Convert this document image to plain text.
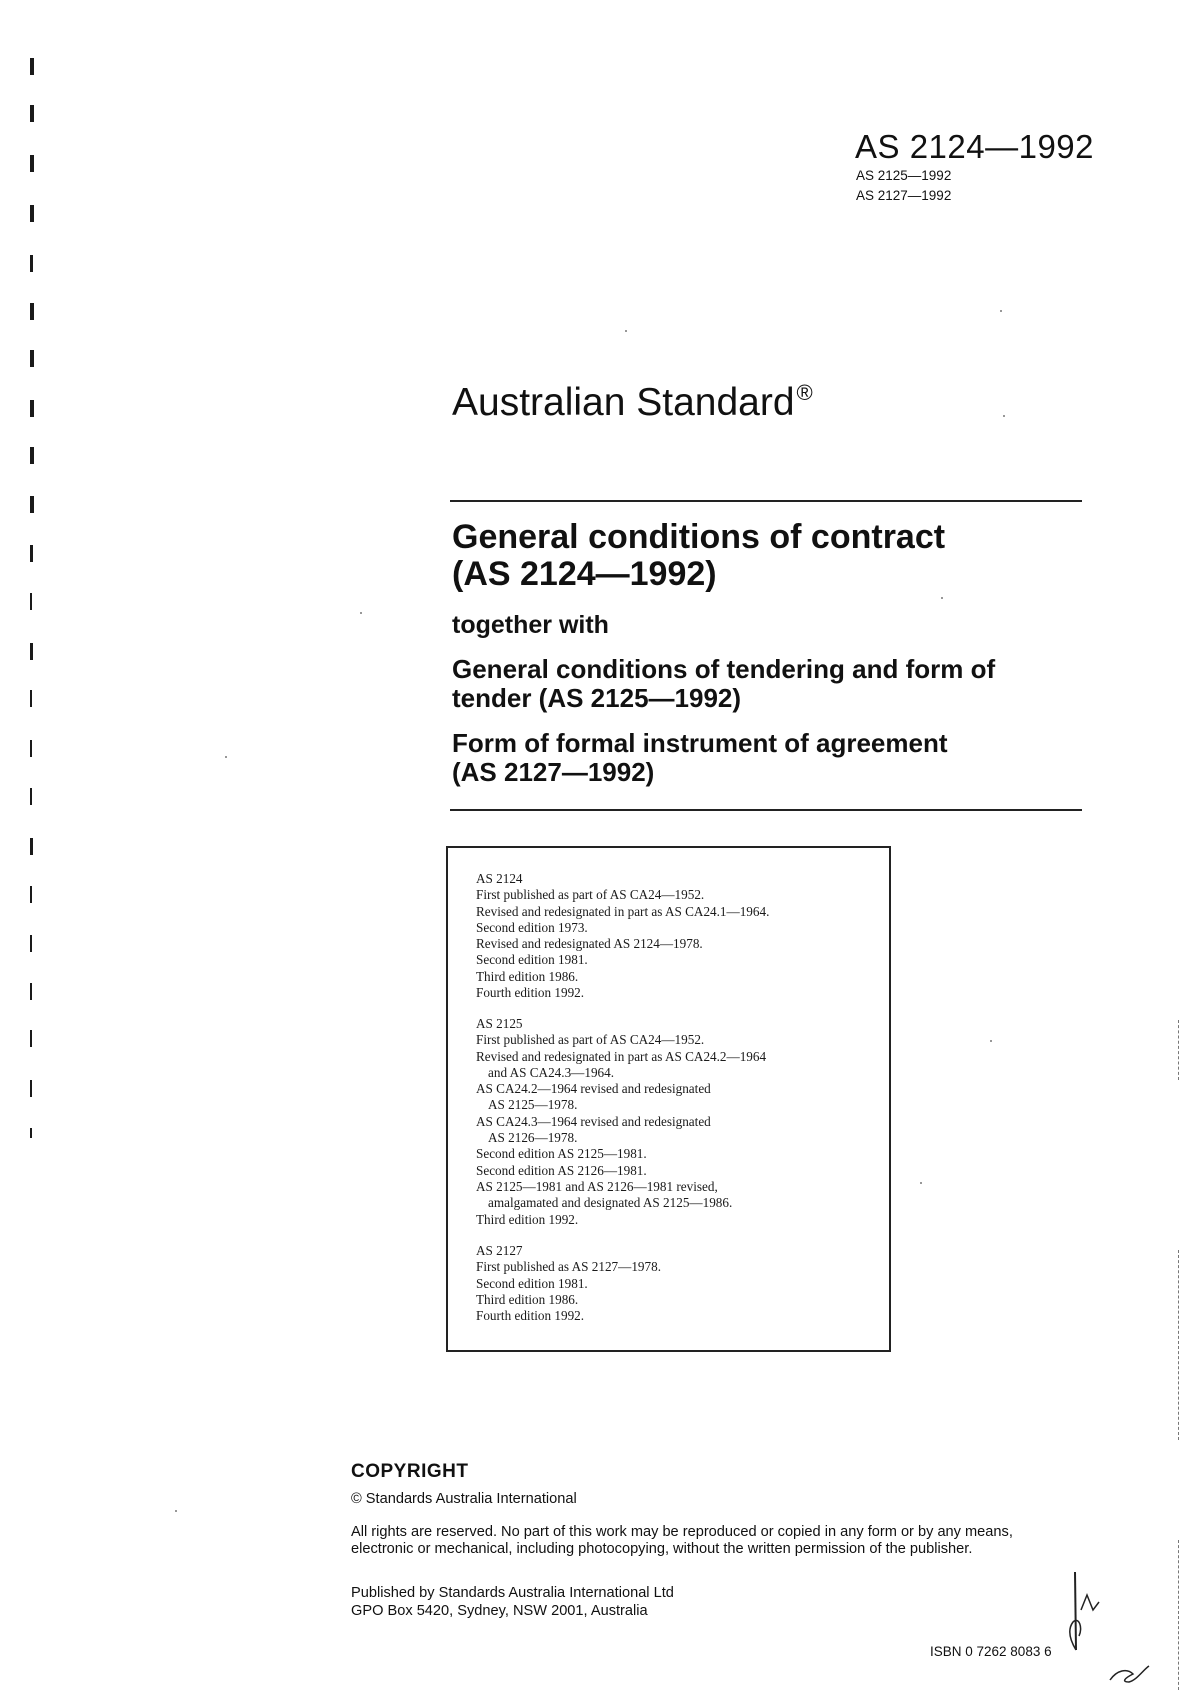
AS 2124—1992
AS 2125—1992
AS 2127—1992
Australian Standard®
General conditions of contract
(AS 2124—1992)
together with
General conditions of tendering and form of
tender (AS 2125—1992)
Form of formal instrument of agreement
(AS 2127—1992)
AS 2124
First published as part of AS CA24—1952.
Revised and redesignated in part as AS CA24.1—1964.
Second edition 1973.
Revised and redesignated AS 2124—1978.
Second edition 1981.
Third edition 1986.
Fourth edition 1992.
AS 2125
First published as part of AS CA24—1952.
Revised and redesignated in part as AS CA24.2—1964
and AS CA24.3—1964.
AS CA24.2—1964 revised and redesignated
AS 2125—1978.
AS CA24.3—1964 revised and redesignated
AS 2126—1978.
Second edition AS 2125—1981.
Second edition AS 2126—1981.
AS 2125—1981 and AS 2126—1981 revised,
amalgamated and designated AS 2125—1986.
Third edition 1992.
AS 2127
First published as AS 2127—1978.
Second edition 1981.
Third edition 1986.
Fourth edition 1992.
COPYRIGHT
© Standards Australia International
All rights are reserved. No part of this work may be reproduced or copied in any form or by any means, electronic or mechanical, including photocopying, without the written permission of the publisher.
Published by Standards Australia International Ltd
GPO Box 5420, Sydney, NSW 2001, Australia
ISBN 0 7262 8083 6
